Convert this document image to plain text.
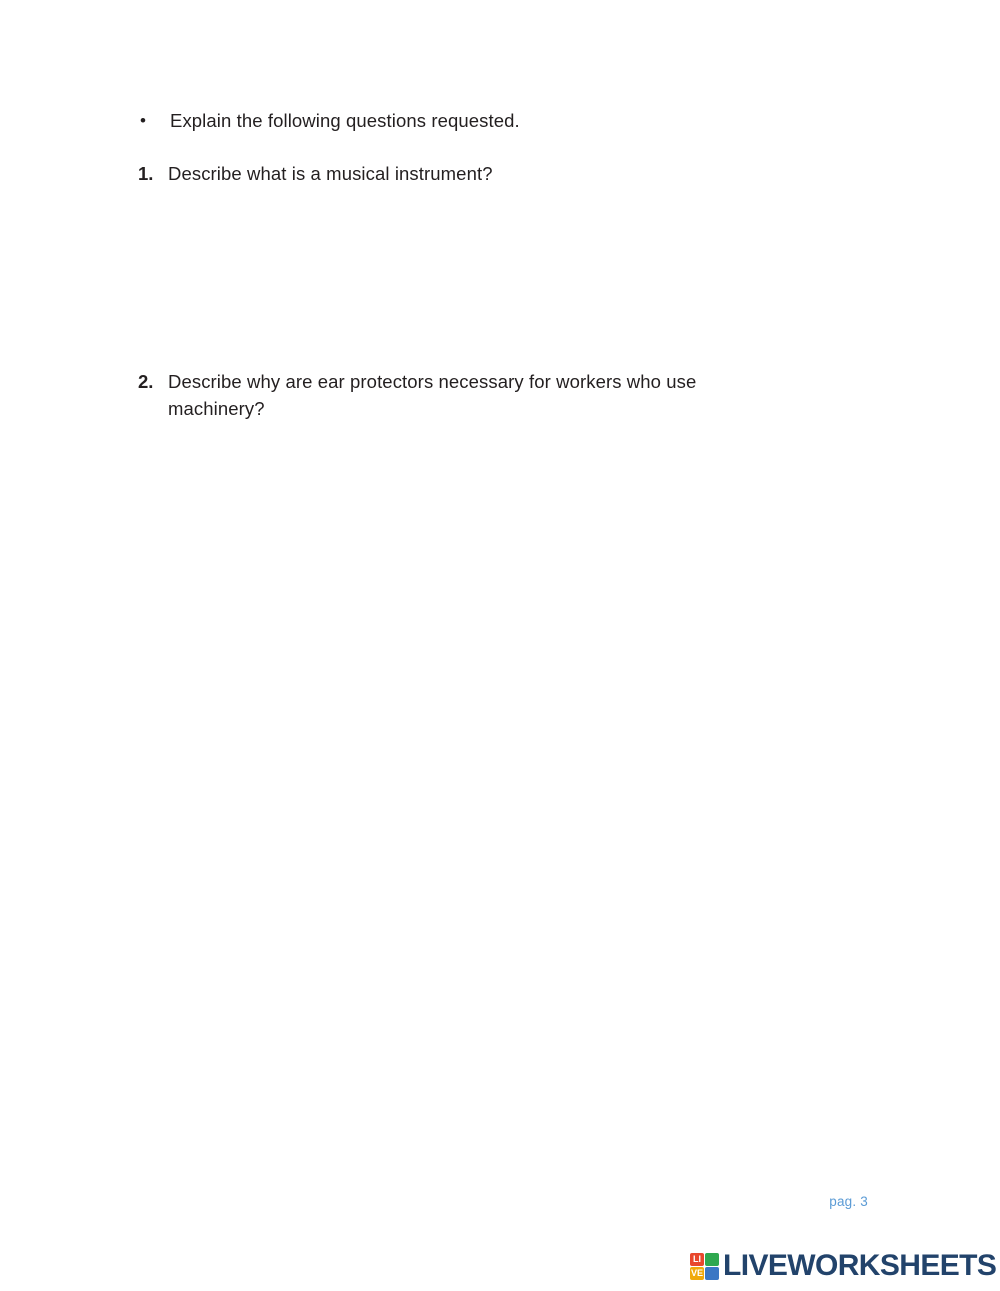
•	Explain the following questions requested.
1. Describe what is a musical instrument?
2. Describe why are ear protectors necessary for workers who use machinery?
pag. 3
LI
VE LIVEWORKSHEETS
